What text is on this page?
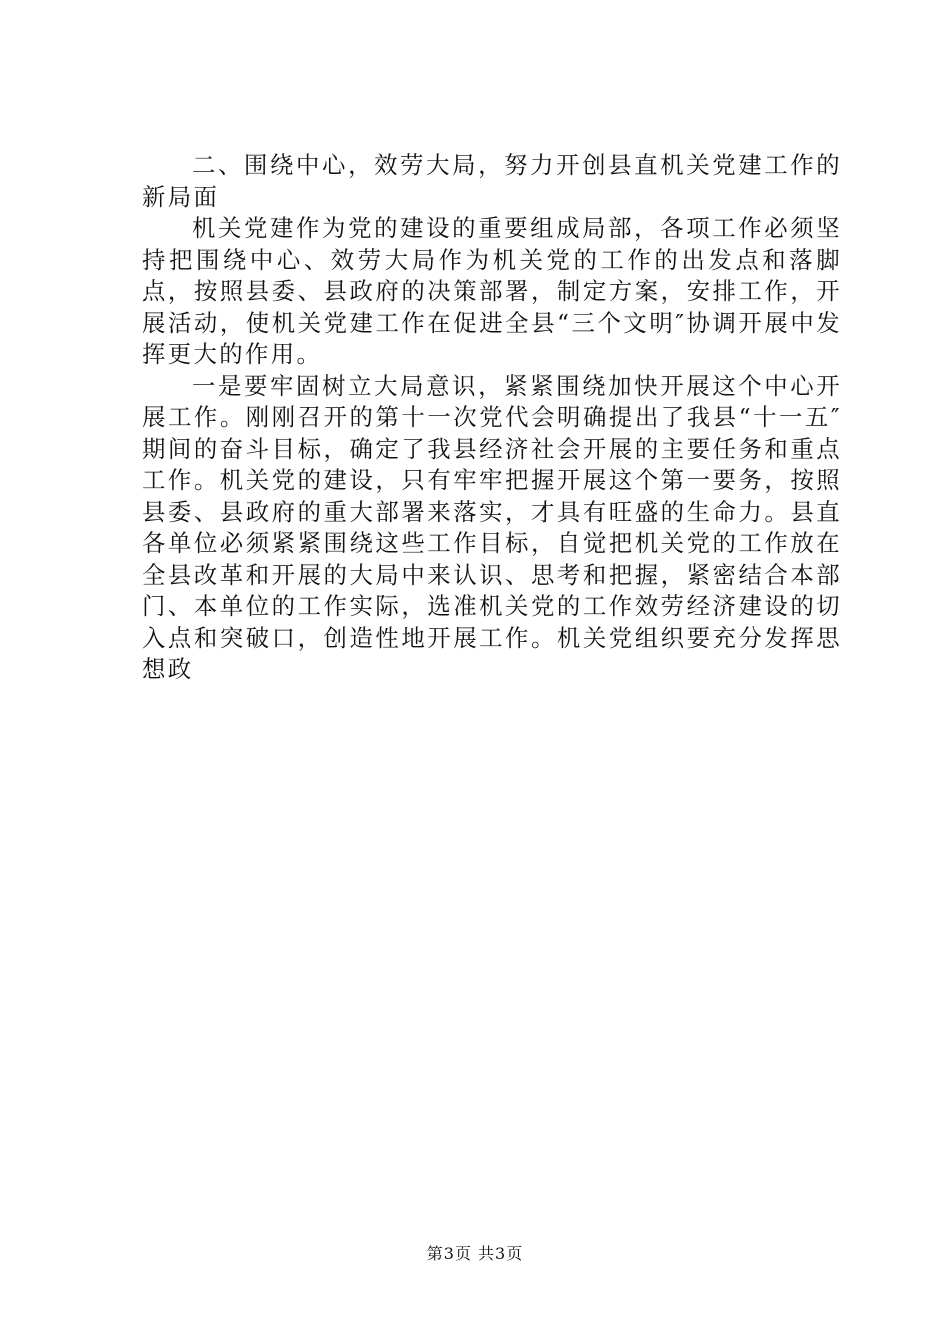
二、围绕中心，效劳大局，努力开创县直机关党建工作的新局面

机关党建作为党的建设的重要组成局部，各项工作必须坚持把围绕中心、效劳大局作为机关党的工作的出发点和落脚点，按照县委、县政府的决策部署，制定方案，安排工作，开展活动，使机关党建工作在促进全县“三个文明″协调开展中发挥更大的作用。

一是要牢固树立大局意识，紧紧围绕加快开展这个中心开展工作。刚刚召开的第十一次党代会明确提出了我县“十一五″期间的奋斗目标，确定了我县经济社会开展的主要任务和重点工作。机关党的建设，只有牢牢把握开展这个第一要务，按照县委、县政府的重大部署来落实，才具有旺盛的生命力。县直各单位必须紧紧围绕这些工作目标，自觉把机关党的工作放在全县改革和开展的大局中来认识、思考和把握，紧密结合本部门、本单位的工作实际，选准机关党的工作效劳经济建设的切入点和突破口，创造性地开展工作。机关党组织要充分发挥思想政

第3页 共3页
